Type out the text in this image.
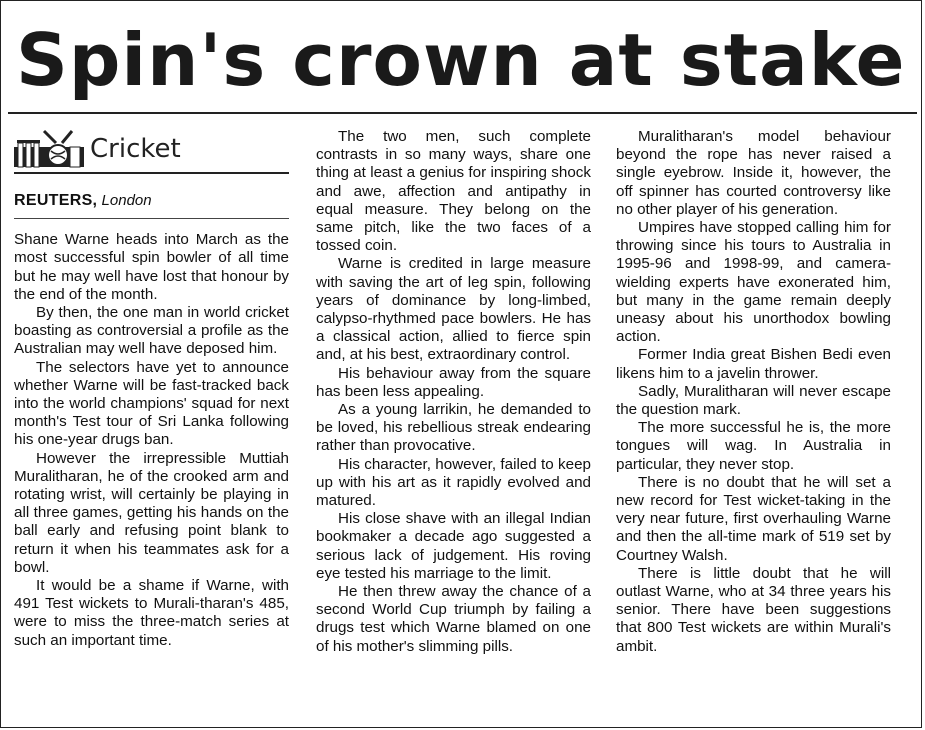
Spin's crown at stake
Cricket
REUTERS, London

Shane Warne heads into March as the most successful spin bowler of all time but he may well have lost that honour by the end of the month.

By then, the one man in world cricket boasting as controversial a profile as the Australian may well have deposed him.

The selectors have yet to announce whether Warne will be fast-tracked back into the world champions' squad for next month's Test tour of Sri Lanka following his one-year drugs ban.

However the irrepressible Muttiah Muralitharan, he of the crooked arm and rotating wrist, will certainly be playing in all three games, getting his hands on the ball early and refusing point blank to return it when his teammates ask for a bowl.

It would be a shame if Warne, with 491 Test wickets to Murali-tharan's 485, were to miss the three-match series at such an important time.

The two men, such complete contrasts in so many ways, share one thing at least a genius for inspiring shock and awe, affection and antipathy in equal measure. They belong on the same pitch, like the two faces of a tossed coin.

Warne is credited in large measure with saving the art of leg spin, following years of dominance by long-limbed, calypso-rhythmed pace bowlers. He has a classical action, allied to fierce spin and, at his best, extraordinary control.

His behaviour away from the square has been less appealing.

As a young larrikin, he demanded to be loved, his rebellious streak endearing rather than provocative.

His character, however, failed to keep up with his art as it rapidly evolved and matured.

His close shave with an illegal Indian bookmaker a decade ago suggested a serious lack of judgement. His roving eye tested his marriage to the limit.

He then threw away the chance of a second World Cup triumph by failing a drugs test which Warne blamed on one of his mother's slimming pills.

Muralitharan's model behaviour beyond the rope has never raised a single eyebrow. Inside it, however, the off spinner has courted controversy like no other player of his generation.

Umpires have stopped calling him for throwing since his tours to Australia in 1995-96 and 1998-99, and camera-wielding experts have exonerated him, but many in the game remain deeply uneasy about his unorthodox bowling action.

Former India great Bishen Bedi even likens him to a javelin thrower.

Sadly, Muralitharan will never escape the question mark.

The more successful he is, the more tongues will wag. In Australia in particular, they never stop.

There is no doubt that he will set a new record for Test wicket-taking in the very near future, first overhauling Warne and then the all-time mark of 519 set by Courtney Walsh.

There is little doubt that he will outlast Warne, who at 34 three years his senior. There have been suggestions that 800 Test wickets are within Murali's ambit.
